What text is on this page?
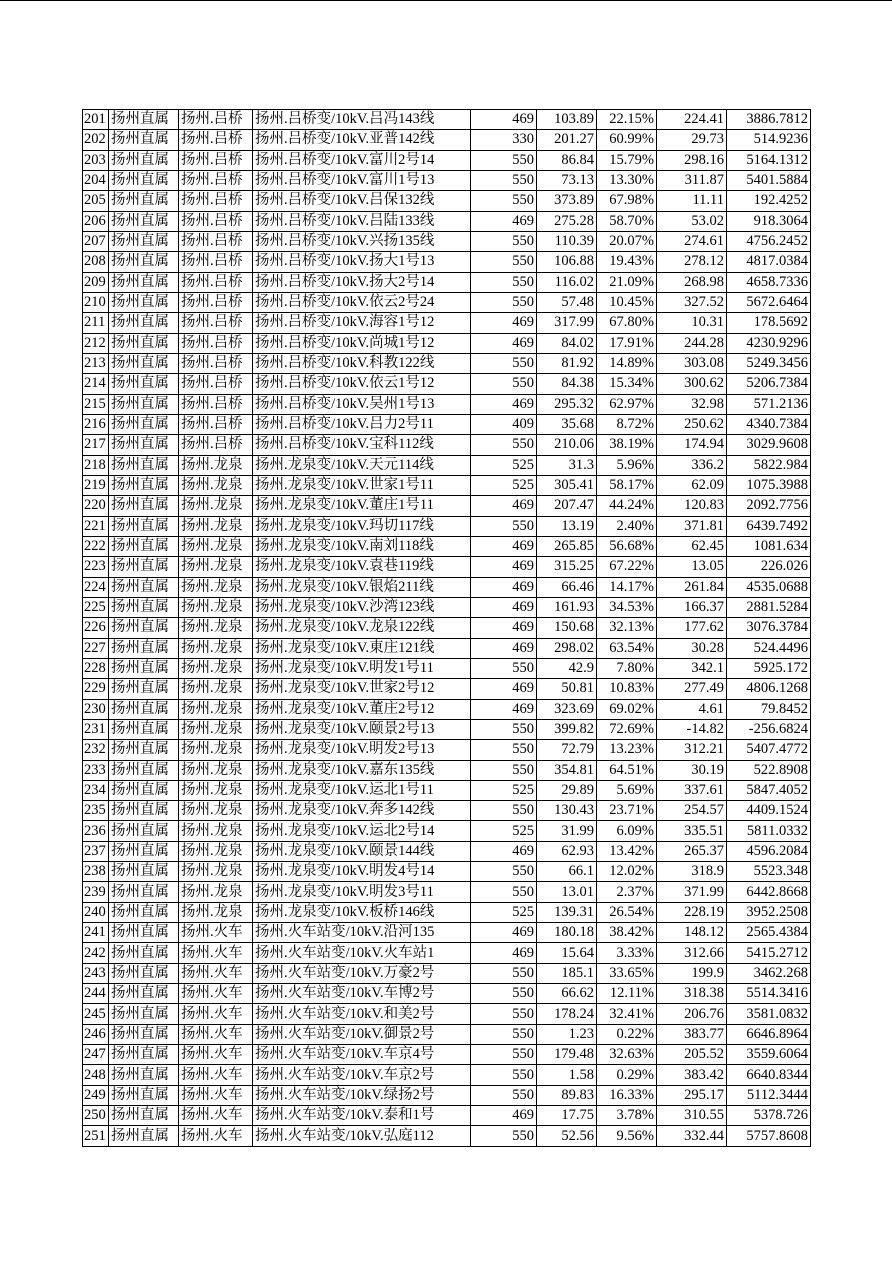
201	扬州直属	扬州.吕桥	扬州.吕桥变/10kV.吕冯143线	469	103.89	22.15%	224.41	3886.7812
202	扬州直属	扬州.吕桥	扬州.吕桥变/10kV.亚普142线	330	201.27	60.99%	29.73	514.9236
203	扬州直属	扬州.吕桥	扬州.吕桥变/10kV.富川2号14	550	86.84	15.79%	298.16	5164.1312
204	扬州直属	扬州.吕桥	扬州.吕桥变/10kV.富川1号13	550	73.13	13.30%	311.87	5401.5884
205	扬州直属	扬州.吕桥	扬州.吕桥变/10kV.吕保132线	550	373.89	67.98%	11.11	192.4252
206	扬州直属	扬州.吕桥	扬州.吕桥变/10kV.吕陆133线	469	275.28	58.70%	53.02	918.3064
207	扬州直属	扬州.吕桥	扬州.吕桥变/10kV.兴扬135线	550	110.39	20.07%	274.61	4756.2452
208	扬州直属	扬州.吕桥	扬州.吕桥变/10kV.扬大1号13	550	106.88	19.43%	278.12	4817.0384
209	扬州直属	扬州.吕桥	扬州.吕桥变/10kV.扬大2号14	550	116.02	21.09%	268.98	4658.7336
210	扬州直属	扬州.吕桥	扬州.吕桥变/10kV.依云2号24	550	57.48	10.45%	327.52	5672.6464
211	扬州直属	扬州.吕桥	扬州.吕桥变/10kV.海容1号12	469	317.99	67.80%	10.31	178.5692
212	扬州直属	扬州.吕桥	扬州.吕桥变/10kV.尚城1号12	469	84.02	17.91%	244.28	4230.9296
213	扬州直属	扬州.吕桥	扬州.吕桥变/10kV.科教122线	550	81.92	14.89%	303.08	5249.3456
214	扬州直属	扬州.吕桥	扬州.吕桥变/10kV.依云1号12	550	84.38	15.34%	300.62	5206.7384
215	扬州直属	扬州.吕桥	扬州.吕桥变/10kV.吴州1号13	469	295.32	62.97%	32.98	571.2136
216	扬州直属	扬州.吕桥	扬州.吕桥变/10kV.吕力2号11	409	35.68	8.72%	250.62	4340.7384
217	扬州直属	扬州.吕桥	扬州.吕桥变/10kV.宝科112线	550	210.06	38.19%	174.94	3029.9608
218	扬州直属	扬州.龙泉	扬州.龙泉变/10kV.天元114线	525	31.3	5.96%	336.2	5822.984
219	扬州直属	扬州.龙泉	扬州.龙泉变/10kV.世家1号11	525	305.41	58.17%	62.09	1075.3988
220	扬州直属	扬州.龙泉	扬州.龙泉变/10kV.董庄1号11	469	207.47	44.24%	120.83	2092.7756
221	扬州直属	扬州.龙泉	扬州.龙泉变/10kV.玛切117线	550	13.19	2.40%	371.81	6439.7492
222	扬州直属	扬州.龙泉	扬州.龙泉变/10kV.南刘118线	469	265.85	56.68%	62.45	1081.634
223	扬州直属	扬州.龙泉	扬州.龙泉变/10kV.袁巷119线	469	315.25	67.22%	13.05	226.026
224	扬州直属	扬州.龙泉	扬州.龙泉变/10kV.银焰211线	469	66.46	14.17%	261.84	4535.0688
225	扬州直属	扬州.龙泉	扬州.龙泉变/10kV.沙湾123线	469	161.93	34.53%	166.37	2881.5284
226	扬州直属	扬州.龙泉	扬州.龙泉变/10kV.龙泉122线	469	150.68	32.13%	177.62	3076.3784
227	扬州直属	扬州.龙泉	扬州.龙泉变/10kV.東庄121线	469	298.02	63.54%	30.28	524.4496
228	扬州直属	扬州.龙泉	扬州.龙泉变/10kV.明发1号11	550	42.9	7.80%	342.1	5925.172
229	扬州直属	扬州.龙泉	扬州.龙泉变/10kV.世家2号12	469	50.81	10.83%	277.49	4806.1268
230	扬州直属	扬州.龙泉	扬州.龙泉变/10kV.董庄2号12	469	323.69	69.02%	4.61	79.8452
231	扬州直属	扬州.龙泉	扬州.龙泉变/10kV.颐景2号13	550	399.82	72.69%	-14.82	-256.6824
232	扬州直属	扬州.龙泉	扬州.龙泉变/10kV.明发2号13	550	72.79	13.23%	312.21	5407.4772
233	扬州直属	扬州.龙泉	扬州.龙泉变/10kV.嘉东135线	550	354.81	64.51%	30.19	522.8908
234	扬州直属	扬州.龙泉	扬州.龙泉变/10kV.运北1号11	525	29.89	5.69%	337.61	5847.4052
235	扬州直属	扬州.龙泉	扬州.龙泉变/10kV.奔多142线	550	130.43	23.71%	254.57	4409.1524
236	扬州直属	扬州.龙泉	扬州.龙泉变/10kV.运北2号14	525	31.99	6.09%	335.51	5811.0332
237	扬州直属	扬州.龙泉	扬州.龙泉变/10kV.颐景144线	469	62.93	13.42%	265.37	4596.2084
238	扬州直属	扬州.龙泉	扬州.龙泉变/10kV.明发4号14	550	66.1	12.02%	318.9	5523.348
239	扬州直属	扬州.龙泉	扬州.龙泉变/10kV.明发3号11	550	13.01	2.37%	371.99	6442.8668
240	扬州直属	扬州.龙泉	扬州.龙泉变/10kV.板桥146线	525	139.31	26.54%	228.19	3952.2508
241	扬州直属	扬州.火车	扬州.火车站变/10kV.沿河135	469	180.18	38.42%	148.12	2565.4384
242	扬州直属	扬州.火车	扬州.火车站变/10kV.火车站1	469	15.64	3.33%	312.66	5415.2712
243	扬州直属	扬州.火车	扬州.火车站变/10kV.万豪2号	550	185.1	33.65%	199.9	3462.268
244	扬州直属	扬州.火车	扬州.火车站变/10kV.车博2号	550	66.62	12.11%	318.38	5514.3416
245	扬州直属	扬州.火车	扬州.火车站变/10kV.和美2号	550	178.24	32.41%	206.76	3581.0832
246	扬州直属	扬州.火车	扬州.火车站变/10kV.御景2号	550	1.23	0.22%	383.77	6646.8964
247	扬州直属	扬州.火车	扬州.火车站变/10kV.车京4号	550	179.48	32.63%	205.52	3559.6064
248	扬州直属	扬州.火车	扬州.火车站变/10kV.车京2号	550	1.58	0.29%	383.42	6640.8344
249	扬州直属	扬州.火车	扬州.火车站变/10kV.绿扬2号	550	89.83	16.33%	295.17	5112.3444
250	扬州直属	扬州.火车	扬州.火车站变/10kV.泰和1号	469	17.75	3.78%	310.55	5378.726
251	扬州直属	扬州.火车	扬州.火车站变/10kV.弘庭112	550	52.56	9.56%	332.44	5757.8608
